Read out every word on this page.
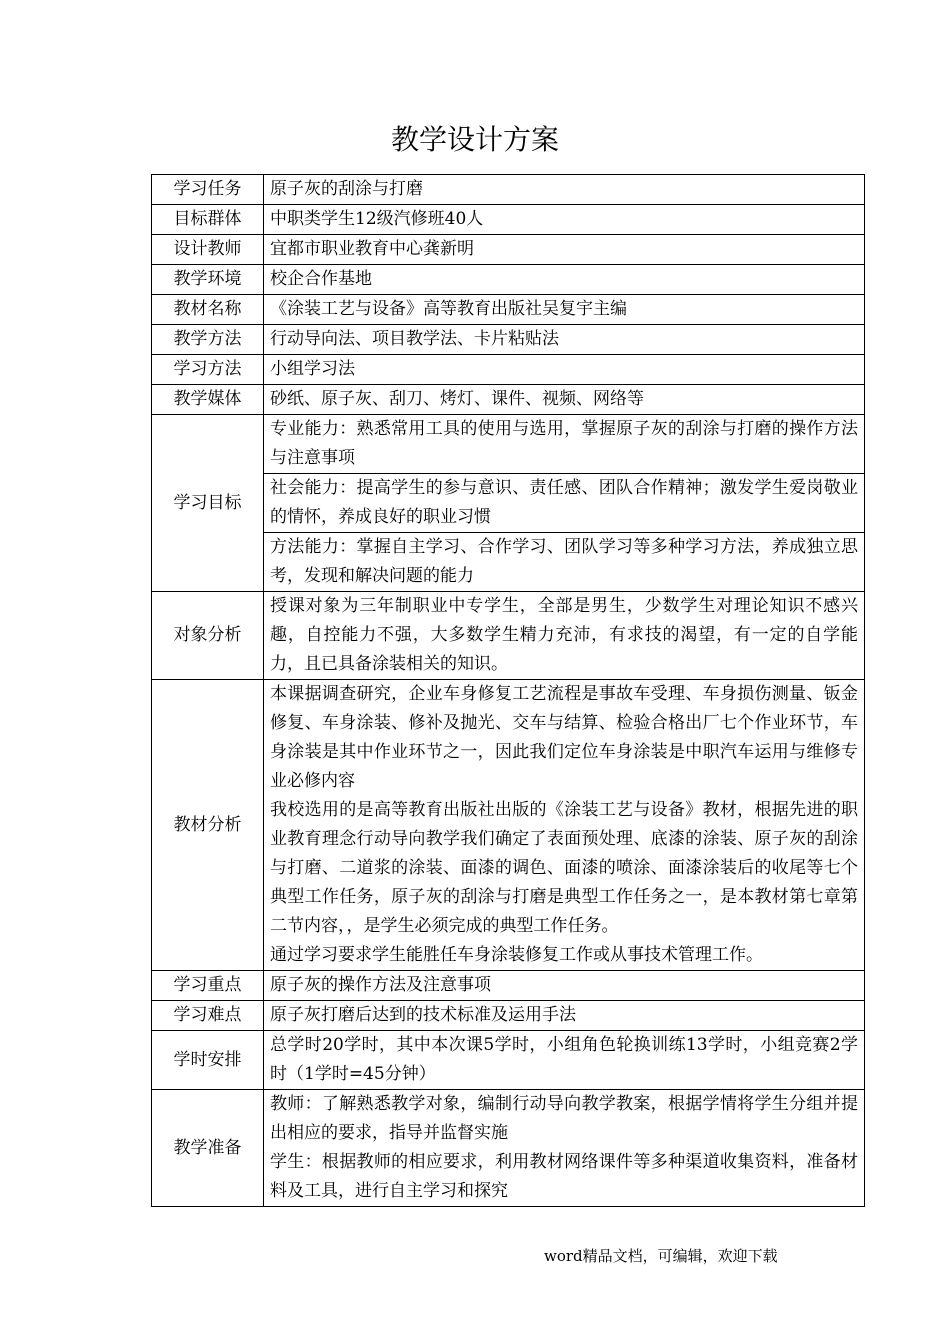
教学设计方案
学习任务	原子灰的刮涂与打磨
目标群体	中职类学生12级汽修班40人
设计教师	宜都市职业教育中心龚新明
教学环境	校企合作基地
教材名称	《涂装工艺与设备》高等教育出版社吴复宇主编
教学方法	行动导向法、项目教学法、卡片粘贴法
学习方法	小组学习法
教学媒体	砂纸、原子灰、刮刀、烤灯、课件、视频、网络等
学习目标	专业能力：熟悉常用工具的使用与选用，掌握原子灰的刮涂与打磨的操作方法与注意事项
	社会能力：提高学生的参与意识、责任感、团队合作精神；激发学生爱岗敬业的情怀，养成良好的职业习惯
	方法能力：掌握自主学习、合作学习、团队学习等多种学习方法，养成独立思考，发现和解决问题的能力
对象分析	授课对象为三年制职业中专学生，全部是男生，少数学生对理论知识不感兴趣，自控能力不强，大多数学生精力充沛，有求技的渴望，有一定的自学能力，且已具备涂装相关的知识。
教材分析	本课据调查研究，企业车身修复工艺流程是事故车受理、车身损伤测量、钣金修复、车身涂装、修补及抛光、交车与结算、检验合格出厂七个作业环节，车身涂装是其中作业环节之一，因此我们定位车身涂装是中职汽车运用与维修专业必修内容
我校选用的是高等教育出版社出版的《涂装工艺与设备》教材，根据先进的职业教育理念行动导向教学我们确定了表面预处理、底漆的涂装、原子灰的刮涂与打磨、二道浆的涂装、面漆的调色、面漆的喷涂、面漆涂装后的收尾等七个典型工作任务，原子灰的刮涂与打磨是典型工作任务之一，是本教材第七章第二节内容，，是学生必须完成的典型工作任务。
通过学习要求学生能胜任车身涂装修复工作或从事技术管理工作。

学习重点	原子灰的操作方法及注意事项
学习难点	原子灰打磨后达到的技术标准及运用手法
学时安排	总学时20学时，其中本次课5学时，小组角色轮换训练13学时，小组竞赛2学时（1学时=45分钟）
教学准备	教师：了解熟悉教学对象，编制行动导向教学教案，根据学情将学生分组并提出相应的要求，指导并监督实施
学生：根据教师的相应要求，利用教材网络课件等多种渠道收集资料，准备材料及工具，进行自主学习和探究
word精品文档，可编辑，欢迎下载
